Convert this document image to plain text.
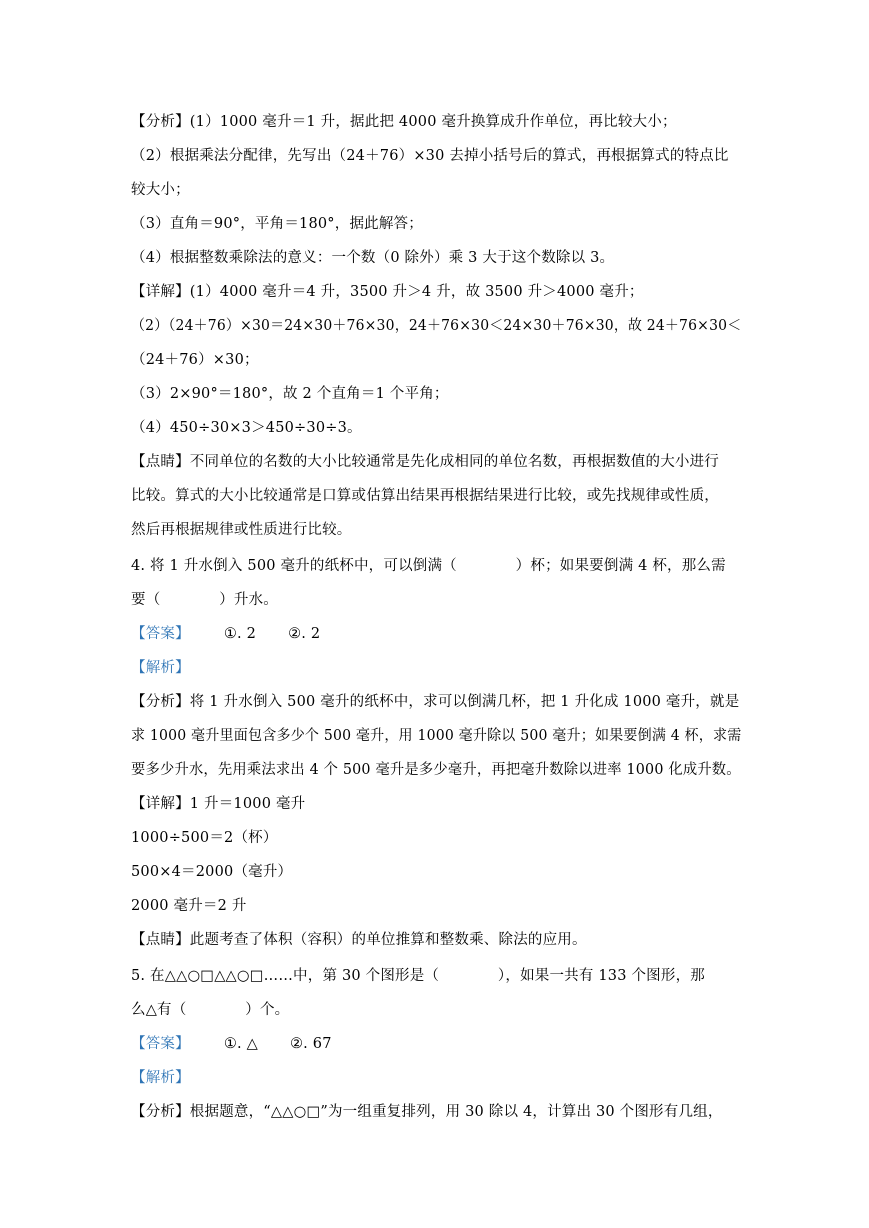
【分析】(1）1000 毫升＝1 升，据此把 4000 毫升换算成升作单位，再比较大小；
（2）根据乘法分配律，先写出（24＋76）×30 去掉小括号后的算式，再根据算式的特点比
较大小；
（3）直角＝90°，平角＝180°，据此解答；
（4）根据整数乘除法的意义：一个数（0 除外）乘 3 大于这个数除以 3。
【详解】(1）4000 毫升＝4 升，3500 升＞4 升，故 3500 升＞4000 毫升；
（2）（24＋76）×30＝24×30＋76×30，24＋76×30＜24×30＋76×30，故 24＋76×30＜
（24＋76）×30；
（3）2×90°＝180°，故 2 个直角＝1 个平角；
（4）450÷30×3＞450÷30÷3。
【点睛】不同单位的名数的大小比较通常是先化成相同的单位名数，再根据数值的大小进行
比较。算式的大小比较通常是口算或估算出结果再根据结果进行比较，或先找规律或性质，
然后再根据规律或性质进行比较。
4. 将 1 升水倒入 500 毫升的纸杯中，可以倒满（　　　　）杯；如果要倒满 4 杯，那么需
要（　　　　）升水。
【答案】 ①. 2 ②. 2
【解析】
【分析】将 1 升水倒入 500 毫升的纸杯中，求可以倒满几杯，把 1 升化成 1000 毫升，就是
求 1000 毫升里面包含多少个 500 毫升，用 1000 毫升除以 500 毫升；如果要倒满 4 杯，求需
要多少升水，先用乘法求出 4 个 500 毫升是多少毫升，再把毫升数除以进率 1000 化成升数。
【详解】1 升＝1000 毫升
1000÷500＝2（杯）
500×4＝2000（毫升）
2000 毫升＝2 升
【点睛】此题考查了体积（容积）的单位推算和整数乘、除法的应用。
5. 在△△○□△△○□……中，第 30 个图形是（　　　　），如果一共有 133 个图形，那
么△有（　　　　）个。
【答案】 ①. △ ②. 67
【解析】
【分析】根据题意，“△△○□”为一组重复排列，用 30 除以 4，计算出 30 个图形有几组，
